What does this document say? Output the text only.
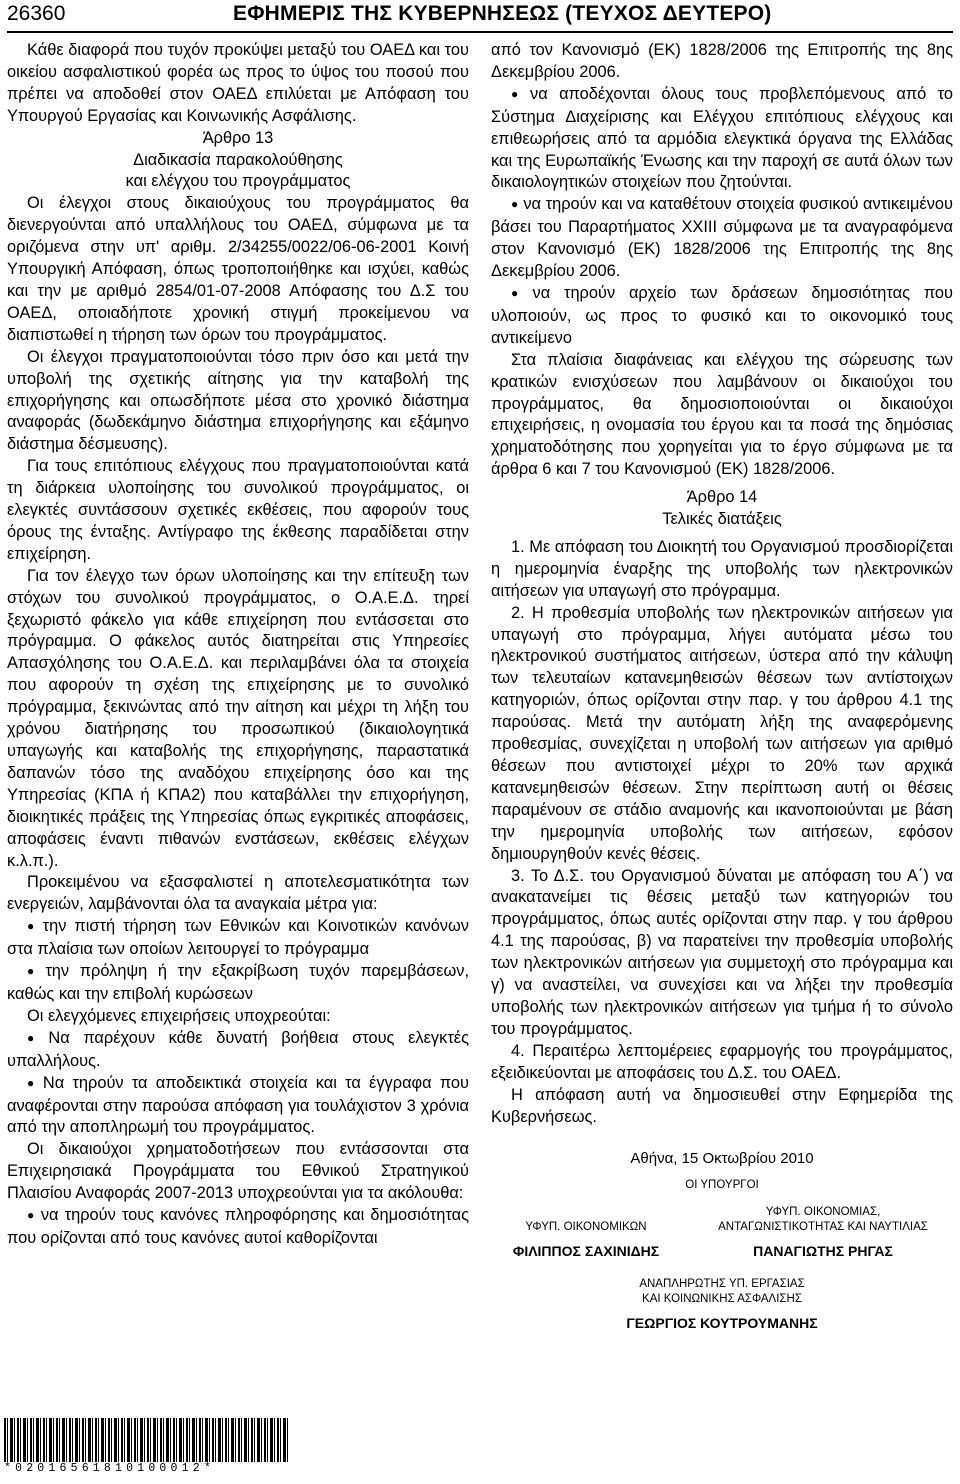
26360	ΕΦΗΜΕΡΙΣ ΤΗΣ ΚΥΒΕΡΝΗΣΕΩΣ (ΤΕΥΧΟΣ ΔΕΥΤΕΡΟ)

Κάθε διαφορά που τυχόν προκύψει μεταξύ του ΟΑΕΔ και του οικείου ασφαλιστικού φορέα ως προς το ύψος του ποσού που πρέπει να αποδοθεί στον ΟΑΕΔ επιλύεται με Απόφαση του Υπουργού Εργασίας και Κοινωνικής Ασφάλισης.

Άρθρο 13

Διαδικασία παρακολούθησης

και ελέγχου του προγράμματος

Οι έλεγχοι στους δικαιούχους του προγράμματος θα διενεργούνται από υπαλλήλους του ΟΑΕΔ, σύμφωνα με τα οριζόμενα στην υπ' αριθμ. 2/34255/0022/06-06-2001 Κοινή Υπουργική Απόφαση, όπως τροποποιήθηκε και ισχύει, καθώς και την με αριθμό 2854/01-07-2008 Απόφασης του Δ.Σ του ΟΑΕΔ, οποιαδήποτε χρονική στιγμή προκείμενου να διαπιστωθεί η τήρηση των όρων του προγράμματος.

Οι έλεγχοι πραγματοποιούνται τόσο πριν όσο και μετά την υποβολή της σχετικής αίτησης για την καταβολή της επιχορήγησης και οπωσδήποτε μέσα στο χρονικό διάστημα αναφοράς (δωδεκάμηνο διάστημα επιχορήγησης και εξάμηνο διάστημα δέσμευσης).

Για τους επιτόπιους ελέγχους που πραγματοποιούνται κατά τη διάρκεια υλοποίησης του συνολικού προγράμματος, οι ελεγκτές συντάσσουν σχετικές εκθέσεις, που αφορούν τους όρους της ένταξης. Αντίγραφο της έκθεσης παραδίδεται στην επιχείρηση.

Για τον έλεγχο των όρων υλοποίησης και την επίτευξη των στόχων του συνολικού προγράμματος, ο Ο.Α.Ε.Δ. τηρεί ξεχωριστό φάκελο για κάθε επιχείρηση που εντάσσεται στο πρόγραμμα. Ο φάκελος αυτός διατηρείται στις Υπηρεσίες Απασχόλησης του Ο.Α.Ε.Δ. και περιλαμβάνει όλα τα στοιχεία που αφορούν τη σχέση της επιχείρησης με το συνολικό πρόγραμμα, ξεκινώντας από την αίτηση και μέχρι τη λήξη του χρόνου διατήρησης του προσωπικού (δικαιολογητικά υπαγωγής και καταβολής της επιχορήγησης, παραστατικά δαπανών τόσο της αναδόχου επιχείρησης όσο και της Υπηρεσίας (ΚΠΑ ή ΚΠΑ2) που καταβάλλει την επιχορήγηση, διοικητικές πράξεις της Υπηρεσίας όπως εγκριτικές αποφάσεις, αποφάσεις έναντι πιθανών ενστάσεων, εκθέσεις ελέγχων κ.λ.π.).

Προκειμένου να εξασφαλιστεί η αποτελεσματικότητα των ενεργειών, λαμβάνονται όλα τα αναγκαία μέτρα για:

● την πιστή τήρηση των Εθνικών και Κοινοτικών κανόνων στα πλαίσια των οποίων λειτουργεί το πρόγραμμα

● την πρόληψη ή την εξακρίβωση τυχόν παρεμβάσεων, καθώς και την επιβολή κυρώσεων

Οι ελεγχόμενες επιχειρήσεις υποχρεούται:

● Να παρέχουν κάθε δυνατή βοήθεια στους ελεγκτές υπαλλήλους.

● Να τηρούν τα αποδεικτικά στοιχεία και τα έγγραφα που αναφέρονται στην παρούσα απόφαση για τουλάχιστον 3 χρόνια από την αποπληρωμή του προγράμματος.

Οι δικαιούχοι χρηματοδοτήσεων που εντάσσονται στα Επιχειρησιακά Προγράμματα του Εθνικού Στρατηγικού Πλαισίου Αναφοράς 2007-2013 υποχρεούνται για τα ακόλουθα:

● να τηρούν τους κανόνες πληροφόρησης και δημοσιότητας που ορίζονται από τους κανόνες αυτοί καθορίζονται

από τον Κανονισμό (ΕΚ) 1828/2006 της Επιτροπής της 8ης Δεκεμβρίου 2006.

● να αποδέχονται όλους τους προβλεπόμενους από το Σύστημα Διαχείρισης και Ελέγχου επιτόπιους ελέγχους και επιθεωρήσεις από τα αρμόδια ελεγκτικά όργανα της Ελλάδας και της Ευρωπαϊκής Ένωσης και την παροχή σε αυτά όλων των δικαιολογητικών στοιχείων που ζητούνται.

● να τηρούν και να καταθέτουν στοιχεία φυσικού αντικειμένου βάσει του Παραρτήματος XXIII σύμφωνα με τα αναγραφόμενα στον Κανονισμό (ΕΚ) 1828/2006 της Επιτροπής της 8ης Δεκεμβρίου 2006.

● να τηρούν αρχείο των δράσεων δημοσιότητας που υλοποιούν, ως προς το φυσικό και το οικονομικό τους αντικείμενο

Στα πλαίσια διαφάνειας και ελέγχου της σώρευσης των κρατικών ενισχύσεων που λαμβάνουν οι δικαιούχοι του προγράμματος, θα δημοσιοποιούνται οι δικαιούχοι επιχειρήσεις, η ονομασία του έργου και τα ποσά της δημόσιας χρηματοδότησης που χορηγείται για το έργο σύμφωνα με τα άρθρα 6 και 7 του Κανονισμού (ΕΚ) 1828/2006.

Άρθρο 14

Τελικές διατάξεις

1. Με απόφαση του Διοικητή του Οργανισμού προσδιορίζεται η ημερομηνία έναρξης της υποβολής των ηλεκτρονικών αιτήσεων για υπαγωγή στο πρόγραμμα.

2. Η προθεσμία υποβολής των ηλεκτρονικών αιτήσεων για υπαγωγή στο πρόγραμμα, λήγει αυτόματα μέσω του ηλεκτρονικού συστήματος αιτήσεων, ύστερα από την κάλυψη των τελευταίων κατανεμηθεισών θέσεων των αντίστοιχων κατηγοριών, όπως ορίζονται στην παρ. γ του άρθρου 4.1 της παρούσας. Μετά την αυτόματη λήξη της αναφερόμενης προθεσμίας, συνεχίζεται η υποβολή των αιτήσεων για αριθμό θέσεων που αντιστοιχεί μέχρι το 20% των αρχικά κατανεμηθεισών θέσεων. Στην περίπτωση αυτή οι θέσεις παραμένουν σε στάδιο αναμονής και ικανοποιούνται με βάση την ημερομηνία υποβολής των αιτήσεων, εφόσον δημιουργηθούν κενές θέσεις.

3. Το Δ.Σ. του Οργανισμού δύναται με απόφαση του Α΄) να ανακατανείμει τις θέσεις μεταξύ των κατηγοριών του προγράμματος, όπως αυτές ορίζονται στην παρ. γ του άρθρου 4.1 της παρούσας, β) να παρατείνει την προθεσμία υποβολής των ηλεκτρονικών αιτήσεων για συμμετοχή στο πρόγραμμα και γ) να αναστείλει, να συνεχίσει και να λήξει την προθεσμία υποβολής των ηλεκτρονικών αιτήσεων για τμήμα ή το σύνολο του προγράμματος.

4. Περαιτέρω λεπτομέρειες εφαρμογής του προγράμματος, εξειδικεύονται με αποφάσεις του Δ.Σ. του ΟΑΕΔ.

Η απόφαση αυτή να δημοσιευθεί στην Εφημερίδα της Κυβερνήσεως.

Αθήνα, 15 Οκτωβρίου 2010
ΟΙ ΥΠΟΥΡΓΟΙ
ΥΦΥΠ. ΟΙΚΟΝΟΜΙΚΩΝ
ΦΙΛΙΠΠΟΣ ΣΑΧΙΝΙΔΗΣ
ΥΦΥΠ. ΟΙΚΟΝΟΜΙΑΣ,
ΑΝΤΑΓΩΝΙΣΤΙΚΟΤΗΤΑΣ ΚΑΙ ΝΑΥΤΙΛΙΑΣ
ΠΑΝΑΓΙΩΤΗΣ ΡΗΓΑΣ
ΑΝΑΠΛΗΡΩΤΗΣ ΥΠ. ΕΡΓΑΣΙΑΣ
ΚΑΙ ΚΟΙΝΩΝΙΚΗΣ ΑΣΦΑΛΙΣΗΣ
ΓΕΩΡΓΙΟΣ ΚΟΥΤΡΟΥΜΑΝΗΣ
*02016561810100012*
